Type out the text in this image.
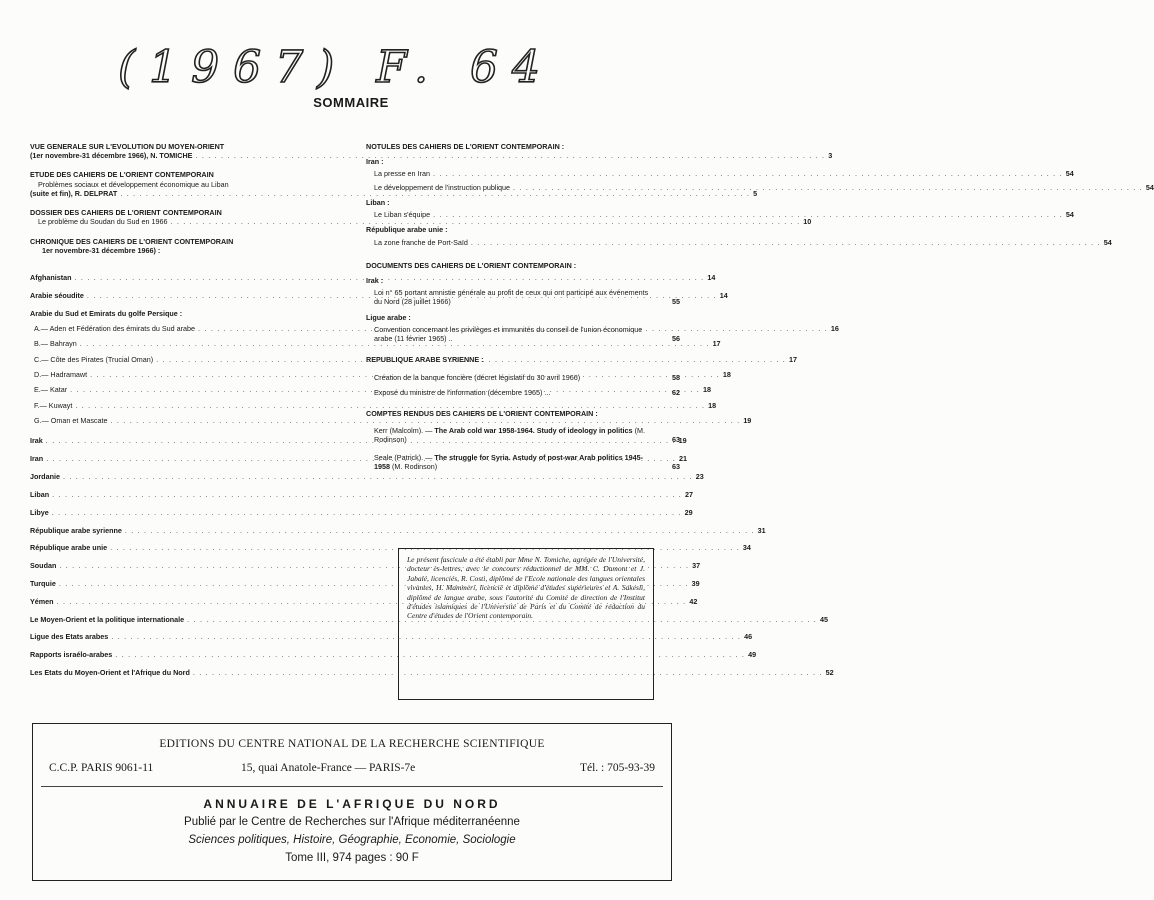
(1967) F. 64
SOMMAIRE
VUE GENERALE SUR L'EVOLUTION DU MOYEN-ORIENT
(1er novembre-31 décembre 1966), N. TOMICHE . . .	3
ETUDE DES CAHIERS DE L'ORIENT CONTEMPORAIN
Problèmes sociaux et développement économique au Liban
(suite et fin), R. DELPRAT . . .	5
DOSSIER DES CAHIERS DE L'ORIENT CONTEMPORAIN
Le problème du Soudan du Sud en 1966 . . .	10
CHRONIQUE DES CAHIERS DE L'ORIENT CONTEMPORAIN
1er novembre-31 décembre 1966) :
Afghanistan . . .	14
Arabie séoudite . . .	14
Arabie du Sud et Emirats du golfe Persique :
A.— Aden et Fédération des émirats du Sud arabe . . .	16
B.— Bahrayn . . .	17
C.— Côte des Pirates (Trucial Oman) . . .	17
D.— Hadramawt . . .	18
E.— Katar . . .	18
F.— Kuwayt . . .	18
G.— Oman et Mascate . . .	19
Irak . . .	19
Iran . . .	21
Jordanie . . .	23
Liban . . .	27
Libye . . .	29
République arabe syrienne . . .	31
République arabe unie . . .	34
Soudan . . .	37
Turquie . . .	39
Yémen . . .	42
Le Moyen-Orient et la politique internationale . . .	45
Ligue des Etats arabes . . .	46
Rapports israélo-arabes . . .	49
Les Etats du Moyen-Orient et l'Afrique du Nord . . .	52
NOTULES DES CAHIERS DE L'ORIENT CONTEMPORAIN :
Iran :
La presse en Iran . . .	54
Le développement de l'instruction publique . . .	54
Liban :
Le Liban s'équipe . . .	54
République arabe unie :
La zone franche de Port-Saïd . . .	54
DOCUMENTS DES CAHIERS DE L'ORIENT CONTEMPORAIN :
Irak :
Loi n° 65 portant amnistie générale au profit de ceux qui ont participé aux événements du Nord (28 juillet 1966)	55
Ligue arabe :
Convention concernant les privilèges et immunités du conseil de l'union économique arabe (11 février 1965) ..	56
REPUBLIQUE ARABE SYRIENNE :
Création de la banque foncière (décret législatif du 30 avril 1966)	58
Exposé du ministre de l'information (décembre 1965) ...	62
COMPTES RENDUS DES CAHIERS DE L'ORIENT CONTEMPORAIN :
Kerr (Malcolm). — The Arab cold war 1958-1964. Study of ideology in politics (M. Rodinson)	63
Seale (Patrick). — The struggle for Syria. Astudy of post-war Arab politics 1945-1958 (M. Rodinson)	63
Le présent fascicule a été établi par Mme N. Tomiche, agrégée de l'Université, docteur ès-lettres, avec le concours rédactionnel de MM. C. Dumont et J. Jabalé, licenciés, R. Costi, diplômé de l'Ecole nationale des langues orientales vivantes, H. Mammeri, licencié et diplômé d'études supérieures et A. Sakesli, diplômé de langue arabe, sous l'autorité du Comité de direction de l'Institut d'études islamiques de l'Université de Paris et du Comité de rédaction du Centre d'études de l'Orient contemporain.
EDITIONS DU CENTRE NATIONAL DE LA RECHERCHE SCIENTIFIQUE
C.C.P. PARIS 9061-11	15, quai Anatole-France — PARIS-7e	Tél. : 705-93-39
ANNUAIRE DE L'AFRIQUE DU NORD
Publié par le Centre de Recherches sur l'Afrique méditerranéenne
Sciences politiques, Histoire, Géographie, Economie, Sociologie
Tome III, 974 pages : 90 F
